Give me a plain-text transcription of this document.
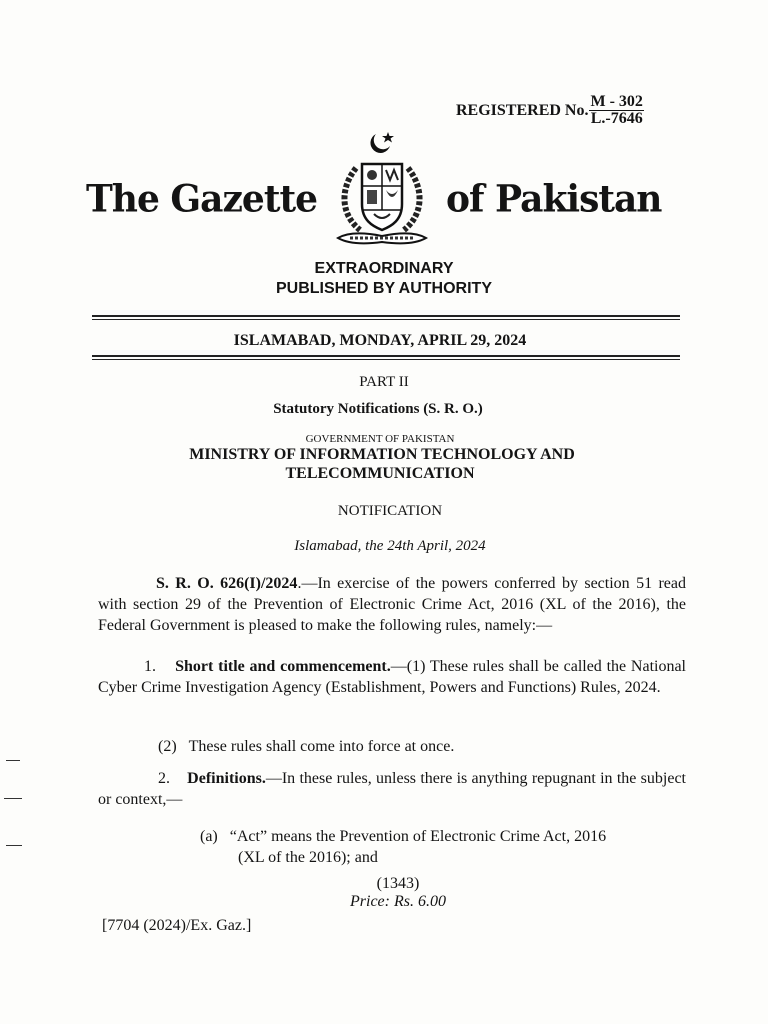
REGISTERED No. $\frac{M - 302}{L.-7646}$
The Gazette	of Pakistan
EXTRAORDINARY
PUBLISHED BY AUTHORITY
ISLAMABAD, MONDAY, APRIL 29, 2024
PART II
Statutory Notifications (S. R. O.)
GOVERNMENT OF PAKISTAN
MINISTRY OF INFORMATION TECHNOLOGY AND
TELECOMMUNICATION
NOTIFICATION
Islamabad, the 24th April, 2024
S. R. O. 626(I)/2024.—In exercise of the powers conferred by section 51 read with section 29 of the Prevention of Electronic Crime Act, 2016 (XL of the 2016), the Federal Government is pleased to make the following rules, namely:—
1. Short title and commencement.—(1) These rules shall be called the National Cyber Crime Investigation Agency (Establishment, Powers and Functions) Rules, 2024.
(2) These rules shall come into force at once.
2. Definitions.—In these rules, unless there is anything repugnant in the subject or context,—
(a) “Act” means the Prevention of Electronic Crime Act, 2016
(XL of the 2016); and
(1343)
Price: Rs. 6.00
[7704 (2024)/Ex. Gaz.]
